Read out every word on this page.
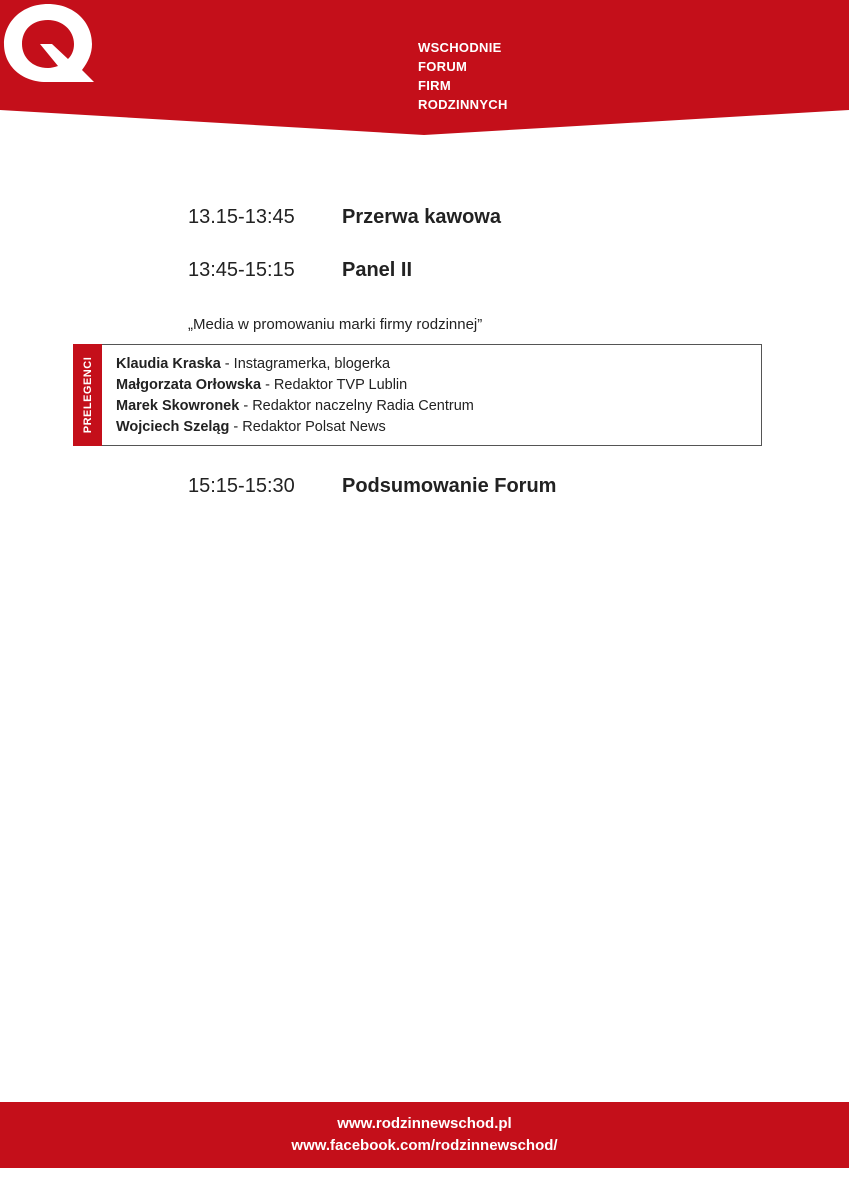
WSCHODNIE
FORUM
FIRM
RODZINNYCH
13.15-13:45	Przerwa kawowa
13:45-15:15	Panel II
„Media w promowaniu marki firmy rodzinnej”
PRELEGENCI Klaudia Kraska - Instagramerka, blogerka
Małgorzata Orłowska - Redaktor TVP Lublin
Marek Skowronek - Redaktor naczelny Radia Centrum
Wojciech Szeląg - Redaktor Polsat News
15:15-15:30	Podsumowanie Forum
www.rodzinnewschod.pl
www.facebook.com/rodzinnewschod/
